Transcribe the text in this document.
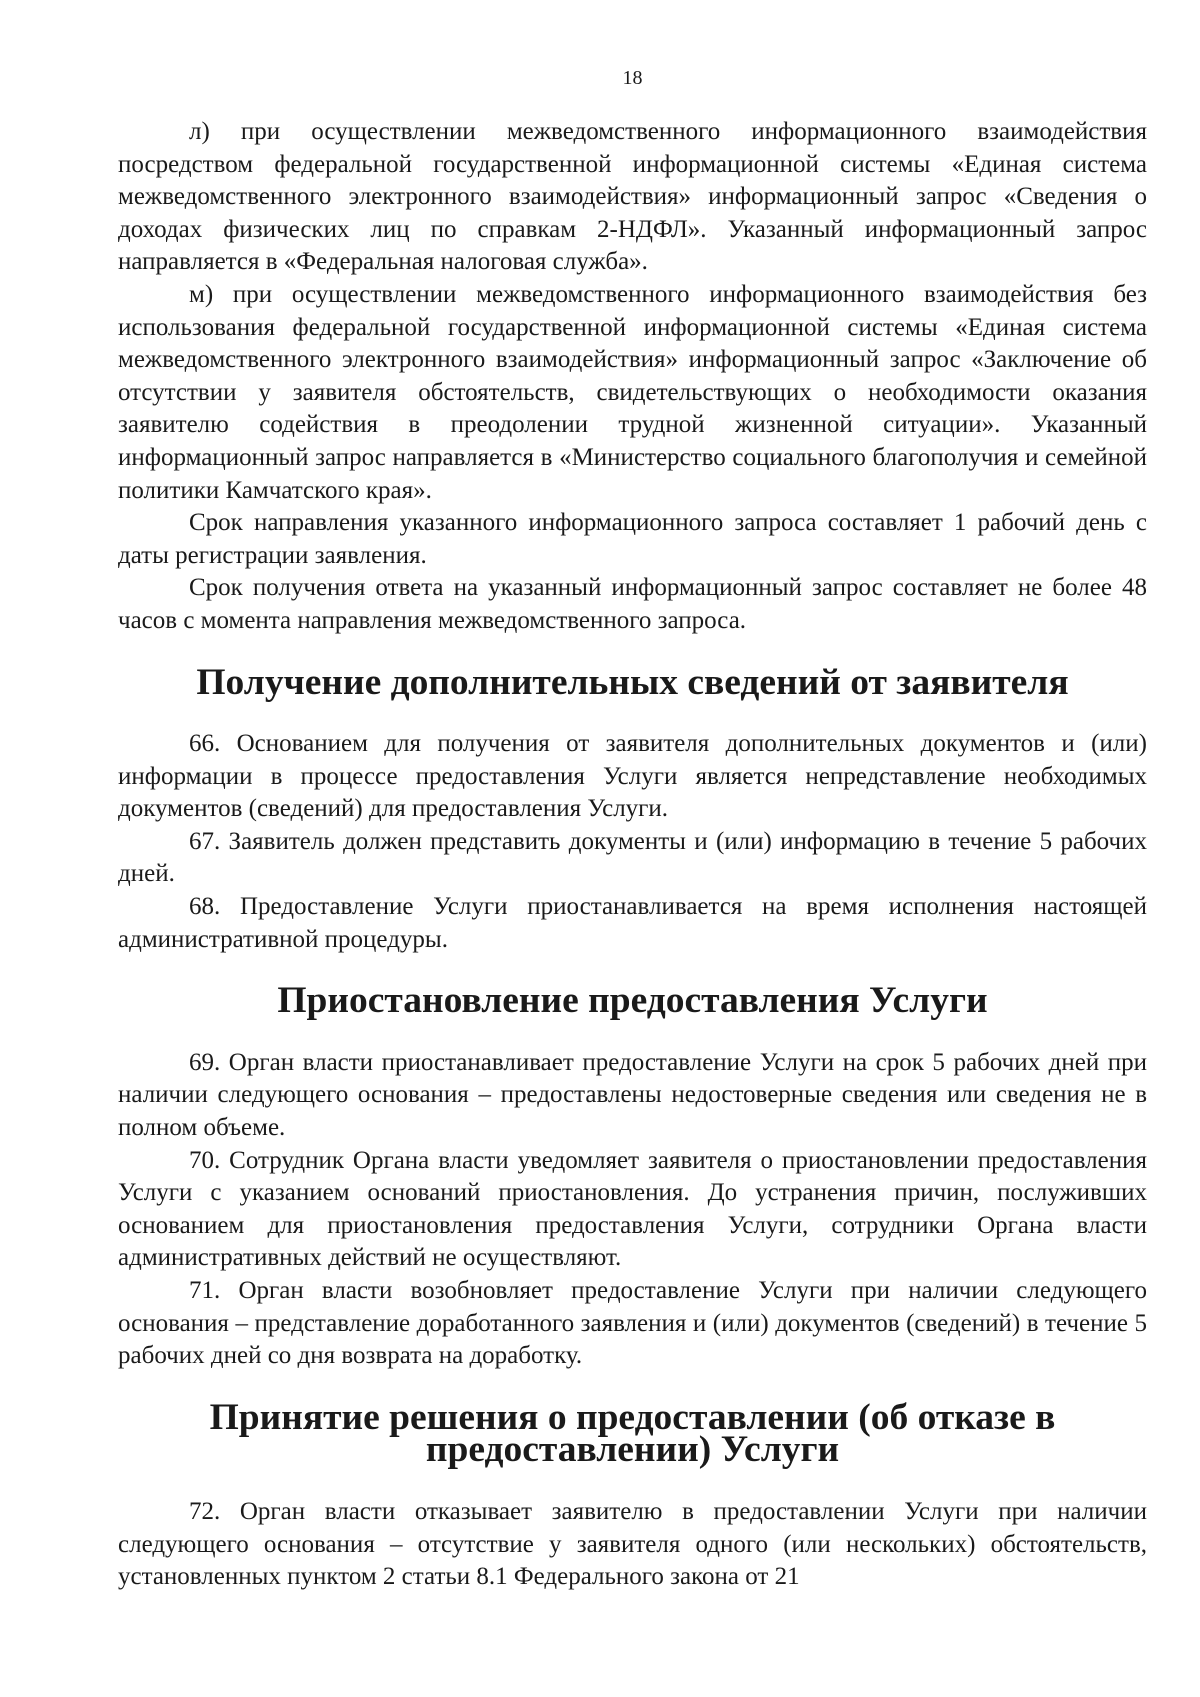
18

л) при осуществлении межведомственного информационного взаимодействия посредством федеральной государственной информационной системы «Единая система межведомственного электронного взаимодействия» информационный запрос «Сведения о доходах физических лиц по справкам 2-НДФЛ». Указанный информационный запрос направляется в «Федеральная налоговая служба».

м) при осуществлении межведомственного информационного взаимодействия без использования федеральной государственной информационной системы «Единая система межведомственного электронного взаимодействия» информационный запрос «Заключение об отсутствии у заявителя обстоятельств, свидетельствующих о необходимости оказания заявителю содействия в преодолении трудной жизненной ситуации». Указанный информационный запрос направляется в «Министерство социального благополучия и семейной политики Камчатского края».

Срок направления указанного информационного запроса составляет 1 рабочий день с даты регистрации заявления.

Срок получения ответа на указанный информационный запрос составляет не более 48 часов с момента направления межведомственного запроса.

Получение дополнительных сведений от заявителя

66. Основанием для получения от заявителя дополнительных документов и (или) информации в процессе предоставления Услуги является непредставление необходимых документов (сведений) для предоставления Услуги.

67. Заявитель должен представить документы и (или) информацию в течение 5 рабочих дней.

68. Предоставление Услуги приостанавливается на время исполнения настоящей административной процедуры.

Приостановление предоставления Услуги

69. Орган власти приостанавливает предоставление Услуги на срок 5 рабочих дней при наличии следующего основания – предоставлены недостоверные сведения или сведения не в полном объеме.

70. Сотрудник Органа власти уведомляет заявителя о приостановлении предоставления Услуги с указанием оснований приостановления. До устранения причин, послуживших основанием для приостановления предоставления Услуги, сотрудники Органа власти административных действий не осуществляют.

71. Орган власти возобновляет предоставление Услуги при наличии следующего основания – представление доработанного заявления и (или) документов (сведений) в течение 5 рабочих дней со дня возврата на доработку.

Принятие решения о предоставлении (об отказе в предоставлении) Услуги

72. Орган власти отказывает заявителю в предоставлении Услуги при наличии следующего основания – отсутствие у заявителя одного (или нескольких) обстоятельств, установленных пунктом 2 статьи 8.1 Федерального закона от 21
